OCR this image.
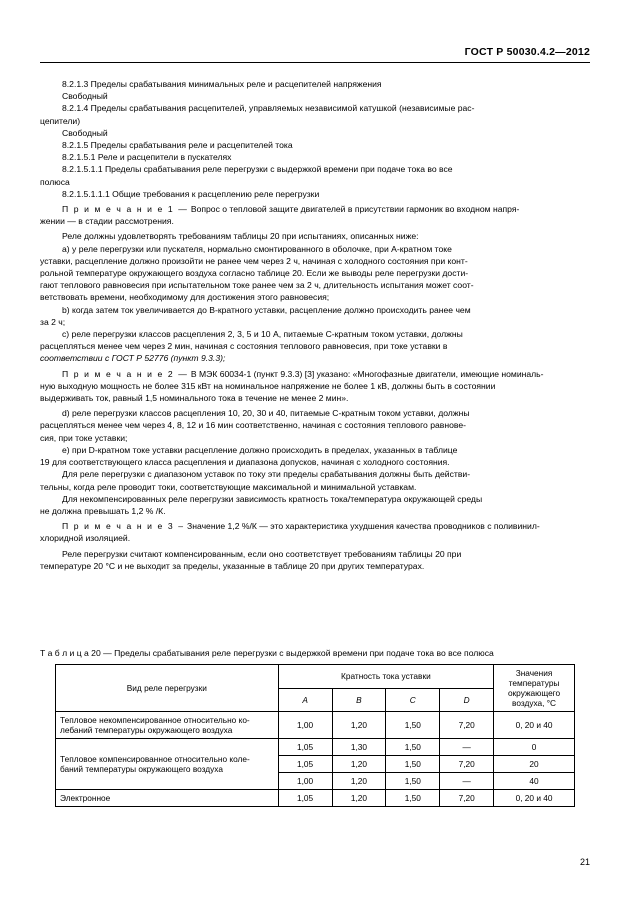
ГОСТ Р 50030.4.2—2012

8.2.1.3 Пределы срабатывания минимальных реле и расцепителей напряжения

Свободный

8.2.1.4 Пределы срабатывания расцепителей, управляемых независимой катушкой (независимые рас-

цепители)

Свободный

8.2.1.5 Пределы срабатывания реле и расцепителей тока

8.2.1.5.1 Реле и расцепители в пускателях

8.2.1.5.1.1 Пределы срабатывания реле перегрузки с выдержкой времени при подаче тока во все

полюса

8.2.1.5.1.1.1 Общие требования к расцеплению реле перегрузки

П р и м е ч а н и е 1 — Вопрос о тепловой защите двигателей в присутствии гармоник во входном напря-

жении — в стадии рассмотрения.

Реле должны удовлетворять требованиям таблицы 20 при испытаниях, описанных ниже:

а) у реле перегрузки или пускателя, нормально смонтированного в оболочке, при A-кратном токе

уставки, расцепление должно произойти не ранее чем через 2 ч, начиная с холодного состояния при конт-

рольной температуре окружающего воздуха согласно таблице 20. Если же выводы реле перегрузки дости-

гают теплового равновесия при испытательном токе ранее чем за 2 ч, длительность испытания может соот-

ветствовать времени, необходимому для достижения этого равновесия;

b) когда затем ток увеличивается до B-кратного уставки, расцепление должно происходить ранее чем

за 2 ч;

с) реле перегрузки классов расцепления 2, 3, 5 и 10 А, питаемые C-кратным током уставки, должны

расцепляться менее чем через 2 мин, начиная с состояния теплового равновесия, при токе уставки в

соответствии с ГОСТ Р 52776 (пункт 9.3.3);

П р и м е ч а н и е 2 — В МЭК 60034-1 (пункт 9.3.3) [3] указано: «Многофазные двигатели, имеющие номиналь-

ную выходную мощность не более 315 кВт на номинальное напряжение не более 1 кВ, должны быть в состоянии

выдерживать ток, равный 1,5 номинального тока в течение не менее 2 мин».

d) реле перегрузки классов расцепления 10, 20, 30 и 40, питаемые C-кратным током уставки, должны

расцепляться менее чем через 4, 8, 12 и 16 мин соответственно, начиная с состояния теплового равнове-

сия, при токе уставки;

е) при D-кратном токе уставки расцепление должно происходить в пределах, указанных в таблице

19 для соответствующего класса расцепления и диапазона допусков, начиная с холодного состояния.

Для реле перегрузки с диапазоном уставок по току эти пределы срабатывания должны быть действи-

тельны, когда реле проводит токи, соответствующие максимальной и минимальной уставкам.

Для некомпенсированных реле перегрузки зависимость кратность тока/температура окружающей среды

не должна превышать 1,2 % /К.

П р и м е ч а н и е 3 – Значение 1,2 %/К — это характеристика ухудшения качества проводников с поливинил-

хлоридной изоляцией.

Реле перегрузки считают компенсированным, если оно соответствует требованиям таблицы 20 при

температуре 20 °С и не выходит за пределы, указанные в таблице 20 при других температурах.

Т а б л и ц а 20 — Пределы срабатывания реле перегрузки с выдержкой времени при подаче тока во все полюса
Вид реле перегрузки	Кратность тока уставки				Значения температуры окружающего воздуха, °С
	A	B	C	D	
Тепловое некомпенсированное относительно ко-
лебаний температуры окружающего воздуха	1,00	1,20	1,50	7,20	0, 20 и 40
Тепловое компенсированное относительно коле-
баний температуры окружающего воздуха	1,05	1,30	1,50	—	0
	1,05	1,20	1,50	7,20	20
	1,00	1,20	1,50	—	40
Электронное	1,05	1,20	1,50	7,20	0, 20 и 40
21
